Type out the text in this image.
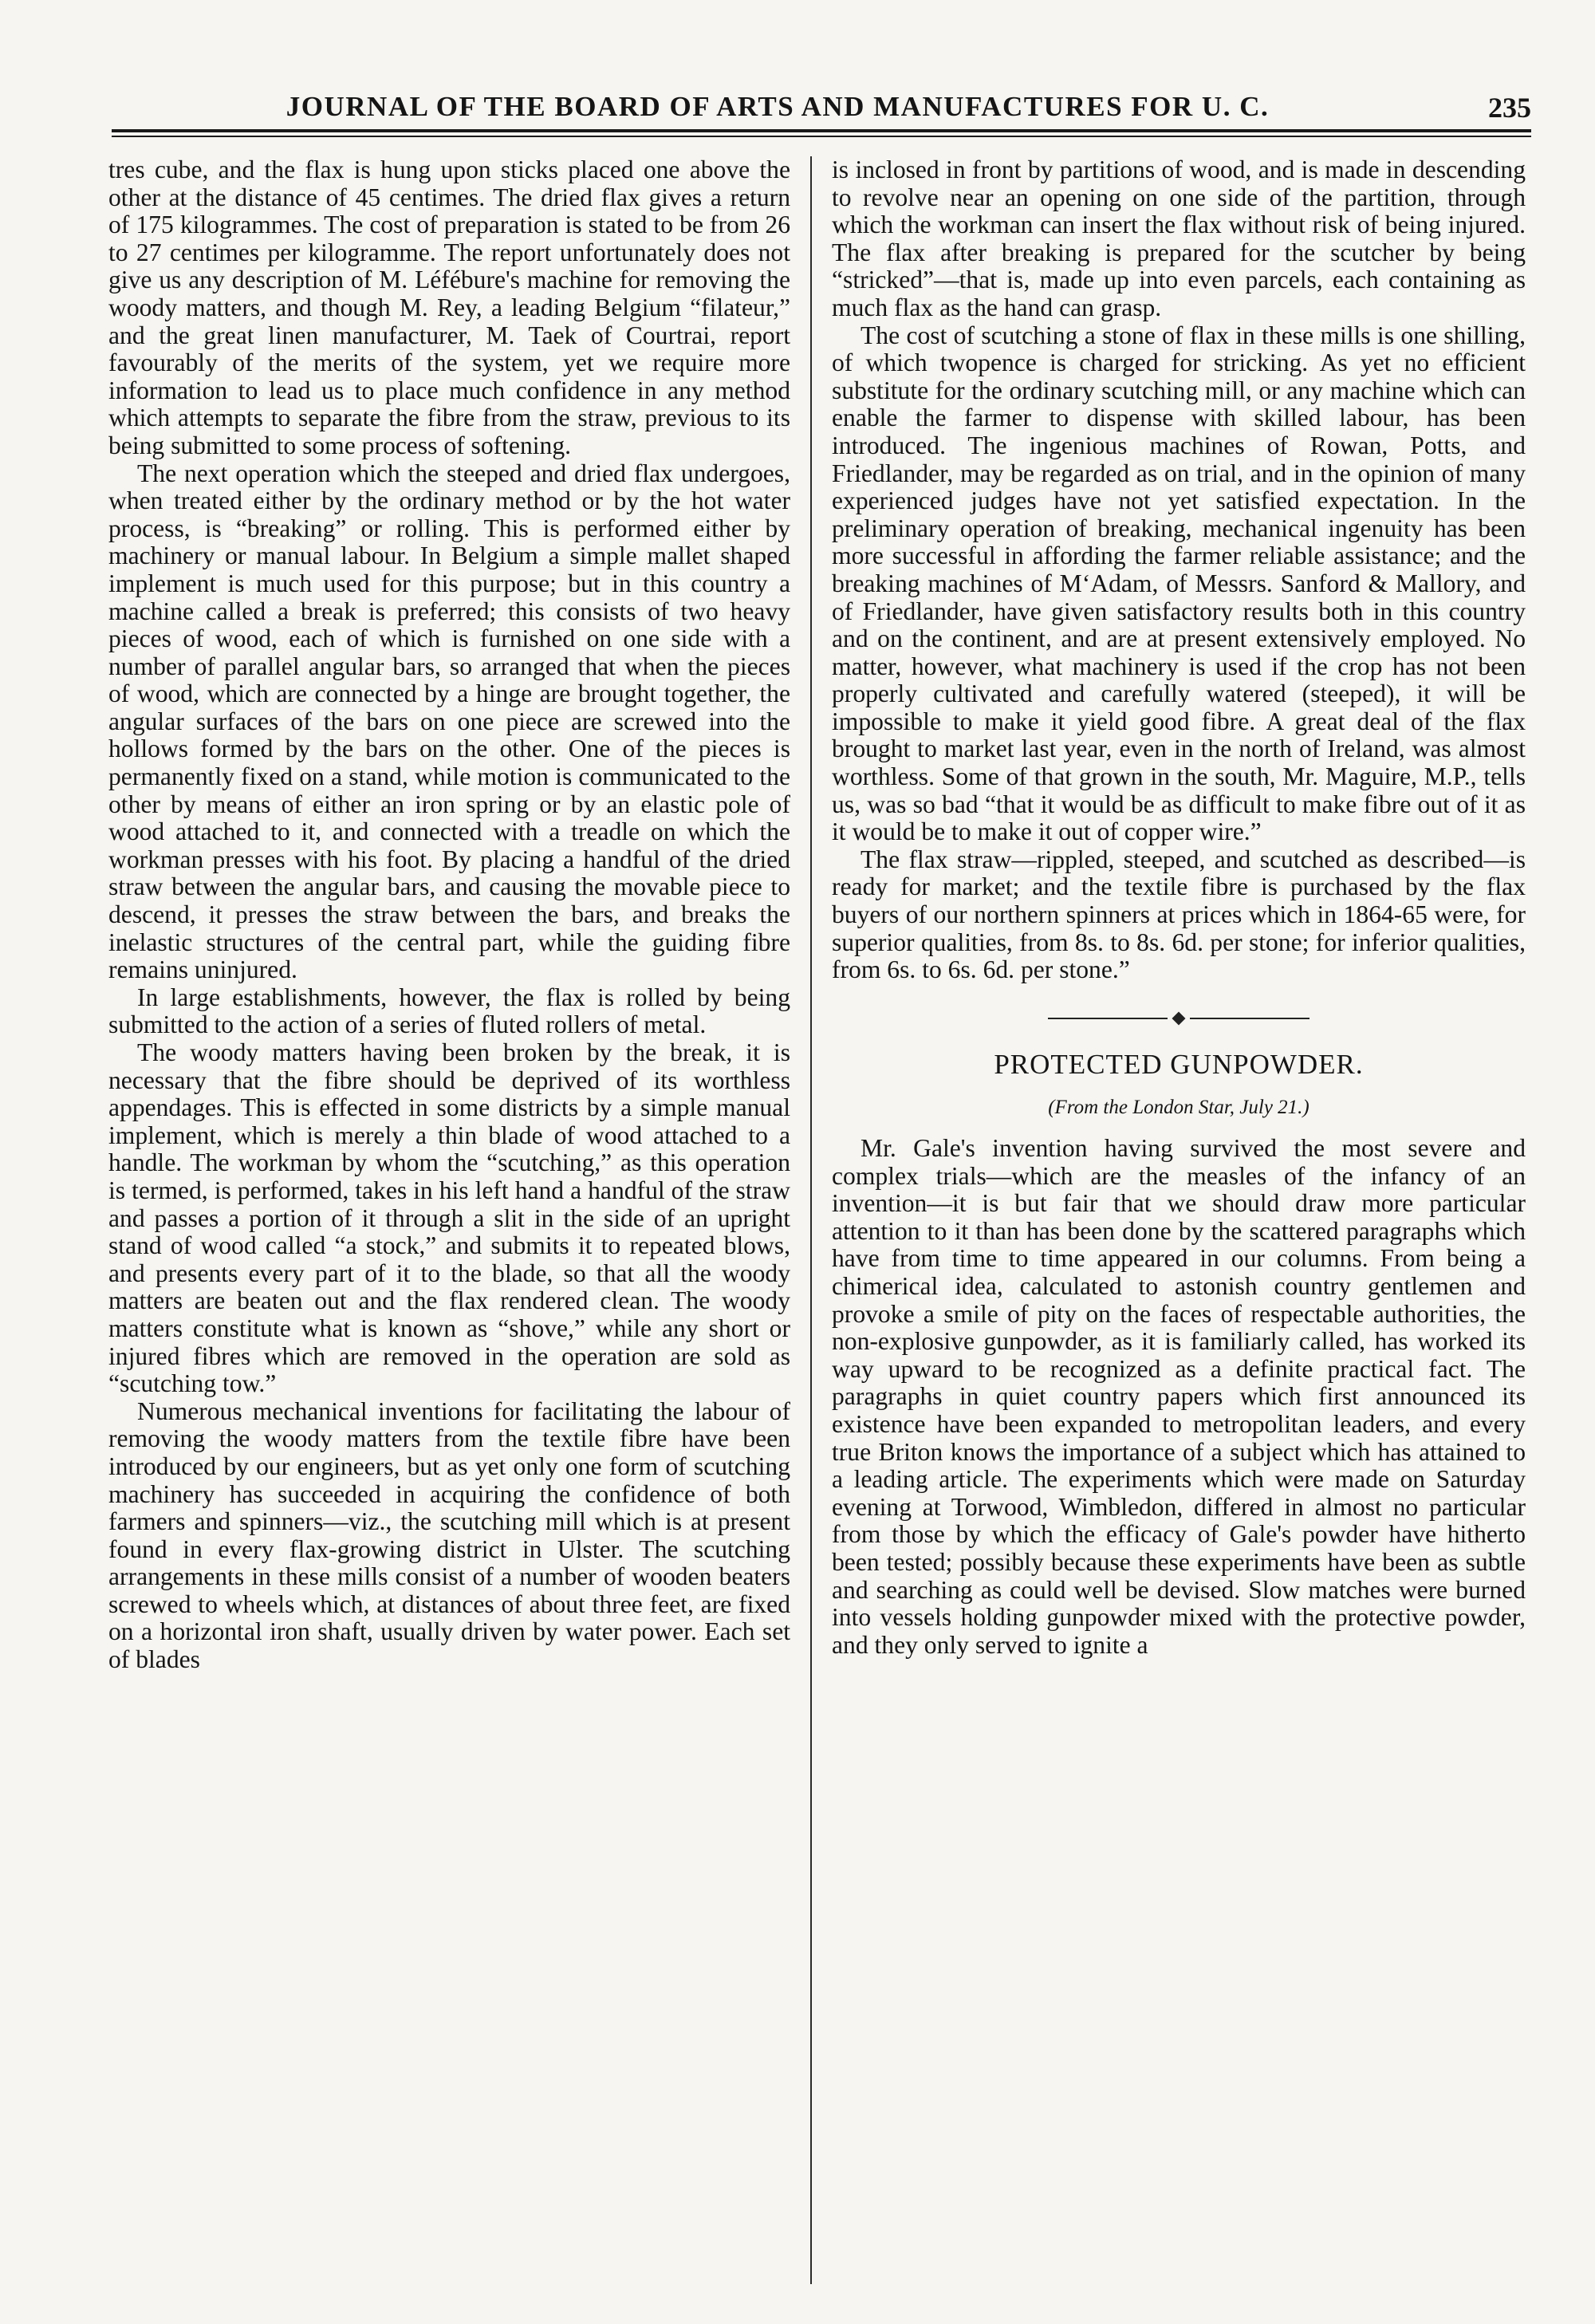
JOURNAL OF THE BOARD OF ARTS AND MANUFACTURES FOR U. C.	235

tres cube, and the flax is hung upon sticks placed one above the other at the distance of 45 centimes. The dried flax gives a return of 175 kilogrammes. The cost of preparation is stated to be from 26 to 27 centimes per kilogramme. The report unfortunately does not give us any description of M. Léfébure's machine for removing the woody matters, and though M. Rey, a leading Belgium “filateur,” and the great linen manufacturer, M. Taek of Courtrai, report favourably of the merits of the system, yet we require more information to lead us to place much confidence in any method which attempts to separate the fibre from the straw, previous to its being submitted to some process of softening.

The next operation which the steeped and dried flax undergoes, when treated either by the ordinary method or by the hot water process, is “breaking” or rolling. This is performed either by machinery or manual labour. In Belgium a simple mallet shaped implement is much used for this purpose; but in this country a machine called a break is preferred; this consists of two heavy pieces of wood, each of which is furnished on one side with a number of parallel angular bars, so arranged that when the pieces of wood, which are connected by a hinge are brought together, the angular surfaces of the bars on one piece are screwed into the hollows formed by the bars on the other. One of the pieces is permanently fixed on a stand, while motion is communicated to the other by means of either an iron spring or by an elastic pole of wood attached to it, and connected with a treadle on which the workman presses with his foot. By placing a handful of the dried straw between the angular bars, and causing the movable piece to descend, it presses the straw between the bars, and breaks the inelastic structures of the central part, while the guiding fibre remains uninjured.

In large establishments, however, the flax is rolled by being submitted to the action of a series of fluted rollers of metal.

The woody matters having been broken by the break, it is necessary that the fibre should be deprived of its worthless appendages. This is effected in some districts by a simple manual implement, which is merely a thin blade of wood attached to a handle. The workman by whom the “scutching,” as this operation is termed, is performed, takes in his left hand a handful of the straw and passes a portion of it through a slit in the side of an upright stand of wood called “a stock,” and submits it to repeated blows, and presents every part of it to the blade, so that all the woody matters are beaten out and the flax rendered clean. The woody matters constitute what is known as “shove,” while any short or injured fibres which are removed in the operation are sold as “scutching tow.”

Numerous mechanical inventions for facilitating the labour of removing the woody matters from the textile fibre have been introduced by our engineers, but as yet only one form of scutching machinery has succeeded in acquiring the confidence of both farmers and spinners—viz., the scutching mill which is at present found in every flax-growing district in Ulster. The scutching arrangements in these mills consist of a number of wooden beaters screwed to wheels which, at distances of about three feet, are fixed on a horizontal iron shaft, usually driven by water power. Each set of blades

is inclosed in front by partitions of wood, and is made in descending to revolve near an opening on one side of the partition, through which the workman can insert the flax without risk of being injured. The flax after breaking is prepared for the scutcher by being “stricked”—that is, made up into even parcels, each containing as much flax as the hand can grasp.

The cost of scutching a stone of flax in these mills is one shilling, of which twopence is charged for stricking. As yet no efficient substitute for the ordinary scutching mill, or any machine which can enable the farmer to dispense with skilled labour, has been introduced. The ingenious machines of Rowan, Potts, and Friedlander, may be regarded as on trial, and in the opinion of many experienced judges have not yet satisfied expectation. In the preliminary operation of breaking, mechanical ingenuity has been more successful in affording the farmer reliable assistance; and the breaking machines of M‘Adam, of Messrs. Sanford & Mallory, and of Friedlander, have given satisfactory results both in this country and on the continent, and are at present extensively employed. No matter, however, what machinery is used if the crop has not been properly cultivated and carefully watered (steeped), it will be impossible to make it yield good fibre. A great deal of the flax brought to market last year, even in the north of Ireland, was almost worthless. Some of that grown in the south, Mr. Maguire, M.P., tells us, was so bad “that it would be as difficult to make fibre out of it as it would be to make it out of copper wire.”

The flax straw—rippled, steeped, and scutched as described—is ready for market; and the textile fibre is purchased by the flax buyers of our northern spinners at prices which in 1864-65 were, for superior qualities, from 8s. to 8s. 6d. per stone; for inferior qualities, from 6s. to 6s. 6d. per stone.”

PROTECTED GUNPOWDER.
(From the London Star, July 21.)

Mr. Gale's invention having survived the most severe and complex trials—which are the measles of the infancy of an invention—it is but fair that we should draw more particular attention to it than has been done by the scattered paragraphs which have from time to time appeared in our columns. From being a chimerical idea, calculated to astonish country gentlemen and provoke a smile of pity on the faces of respectable authorities, the non-explosive gunpowder, as it is familiarly called, has worked its way upward to be recognized as a definite practical fact. The paragraphs in quiet country papers which first announced its existence have been expanded to metropolitan leaders, and every true Briton knows the importance of a subject which has attained to a leading article. The experiments which were made on Saturday evening at Torwood, Wimbledon, differed in almost no particular from those by which the efficacy of Gale's powder have hitherto been tested; possibly because these experiments have been as subtle and searching as could well be devised. Slow matches were burned into vessels holding gunpowder mixed with the protective powder, and they only served to ignite a
